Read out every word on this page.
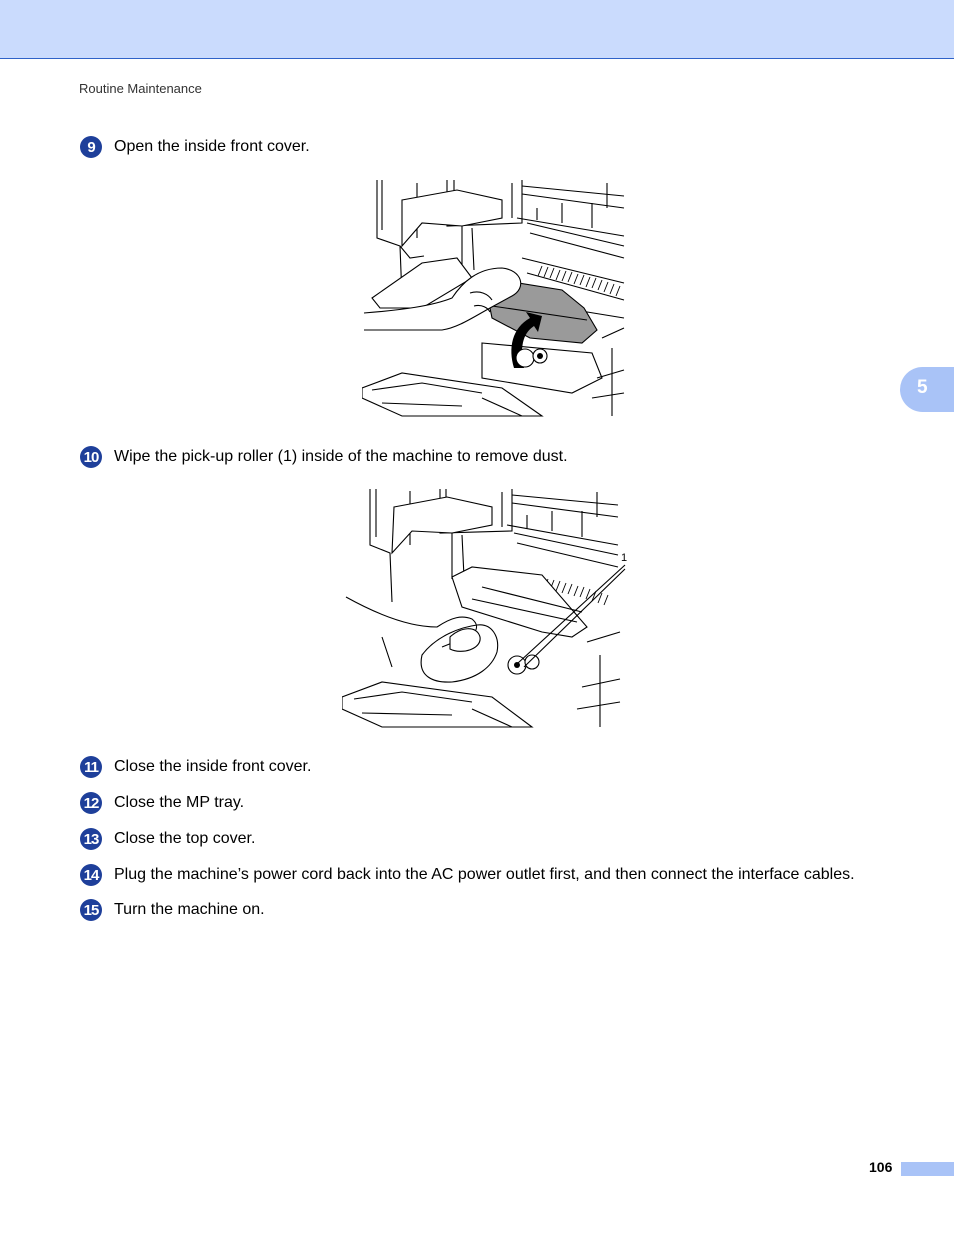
Routine Maintenance
5
9	Open the inside front cover.
10 Wipe the pick-up roller (1) inside of the machine to remove dust.
1
11 Close the inside front cover.
12 Close the MP tray.
13 Close the top cover.
14 Plug the machine’s power cord back into the AC power outlet first, and then connect the interface cables.
15 Turn the machine on.
106
